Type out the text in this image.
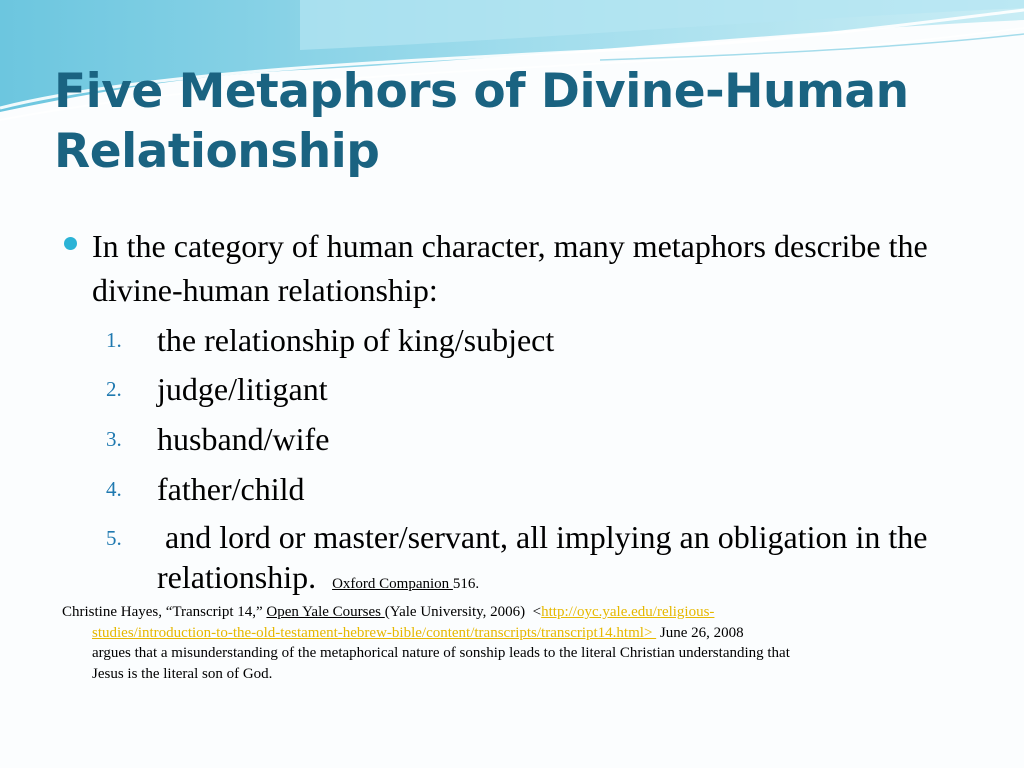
Five Metaphors of Divine-Human Relationship
In the category of human character, many metaphors describe the divine-human relationship:
1. the relationship of king/subject
2. judge/litigant
3. husband/wife
4. father/child
5. and lord or master/servant, all implying an obligation in the relationship. Oxford Companion 516.
Christine Hayes, “Transcript 14,” Open Yale Courses (Yale University, 2006)  <http://oyc.yale.edu/religious-
studies/introduction-to-the-old-testament-hebrew-bible/content/transcripts/transcript14.html>  June 26, 2008
argues that a misunderstanding of the metaphorical nature of sonship leads to the literal Christian understanding that
Jesus is the literal son of God.
